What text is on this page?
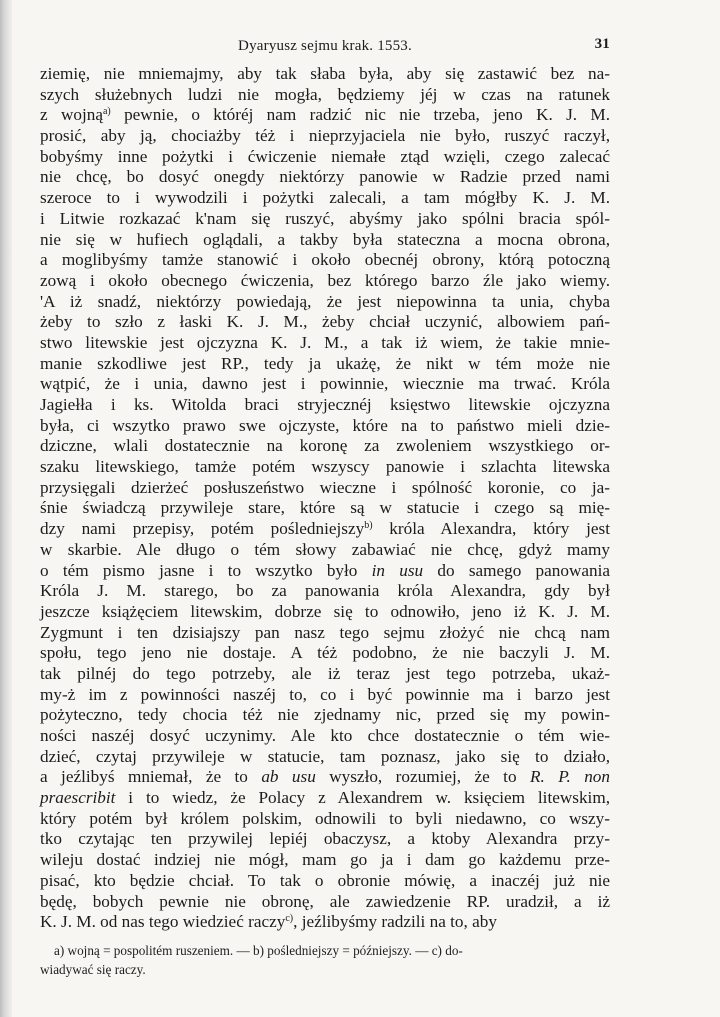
Dyaryusz sejmu krak. 1553.	31
ziemię, nie mniemajmy, aby tak słaba była, aby się zastawić bez na-
szych służebnych ludzi nie mogła, będziemy jéj w czas na ratunek
z wojną$^{a)}$ pewnie, o któréj nam radzić nic nie trzeba, jeno K. J. M.
prosić, aby ją, chociażby téż i nieprzyjaciela nie było, ruszyć raczył,
bobyśmy inne pożytki i ćwiczenie niemałe ztąd wzięli, czego zalecać
nie chcę, bo dosyć onegdy niektórzy panowie w Radzie przed nami
szeroce to i wywodzili i pożytki zalecali, a tam mógłby K. J. M.
i Litwie rozkazać k'nam się ruszyć, abyśmy jako spólni bracia spól-
nie się w hufiech oglądali, a takby była stateczna a mocna obrona,
a moglibyśmy tamże stanowić i około obecnéj obrony, którą potoczną
zową i około obecnego ćwiczenia, bez którego barzo źle jako wiemy.
'A iż snadź, niektórzy powiedają, że jest niepowinna ta unia, chyba
żeby to szło z łaski K. J. M., żeby chciał uczynić, albowiem pań-
stwo litewskie jest ojczyzna K. J. M., a tak iż wiem, że takie mnie-
manie szkodliwe jest RP., tedy ja ukażę, że nikt w tém może nie
wątpić, że i unia, dawno jest i powinnie, wiecznie ma trwać. Króla
Jagiełła i ks. Witolda braci stryjecznéj księstwo litewskie ojczyzna
była, ci wszytko prawo swe ojczyste, które na to państwo mieli dzie-
dziczne, wlali dostatecznie na koronę za zwoleniem wszystkiego or-
szaku litewskiego, tamże potém wszyscy panowie i szlachta litewska
przysięgali dzierżeć posłuszeństwo wieczne i spólność koronie, co ja-
śnie świadczą przywileje stare, które są w statucie i czego są mię-
dzy nami przepisy, potém pośledniejszy$^{b)}$ króla Alexandra, który jest
w skarbie. Ale długo o tém słowy zabawiać nie chcę, gdyż mamy
o tém pismo jasne i to wszytko było in usu do samego panowania
Króla J. M. starego, bo za panowania króla Alexandra, gdy był
jeszcze książęciem litewskim, dobrze się to odnowiło, jeno iż K. J. M.
Zygmunt i ten dzisiajszy pan nasz tego sejmu złożyć nie chcą nam
społu, tego jeno nie dostaje. A téż podobno, że nie baczyli J. M.
tak pilnéj do tego potrzeby, ale iż teraz jest tego potrzeba, ukaż-
my-ż im z powinności naszéj to, co i być powinnie ma i barzo jest
pożyteczno, tedy chocia téż nie zjednamy nic, przed się my powin-
ności naszéj dosyć uczynimy. Ale kto chce dostatecznie o tém wie-
dzieć, czytaj przywileje w statucie, tam poznasz, jako się to działo,
a jeźlibyś mniemał, że to ab usu wyszło, rozumiej, że to R. P. non
praescribit i to wiedz, że Polacy z Alexandrem w. księciem litewskim,
który potém był królem polskim, odnowili to byli niedawno, co wszy-
tko czytając ten przywilej lepiéj obaczysz, a ktoby Alexandra przy-
wileju dostać indziej nie mógł, mam go ja i dam go każdemu prze-
pisać, kto będzie chciał. To tak o obronie mówię, a inaczéj już nie
będę, bobych pewnie nie obronę, ale zawiedzenie RP. uradził, a iż
K. J. M. od nas tego wiedzieć raczy$^{c)}$, jeźlibyśmy radzili na to, aby
a) wojną = pospolitém ruszeniem. — b) pośledniejszy = późniejszy. — c) do-
wiadywać się raczy.
